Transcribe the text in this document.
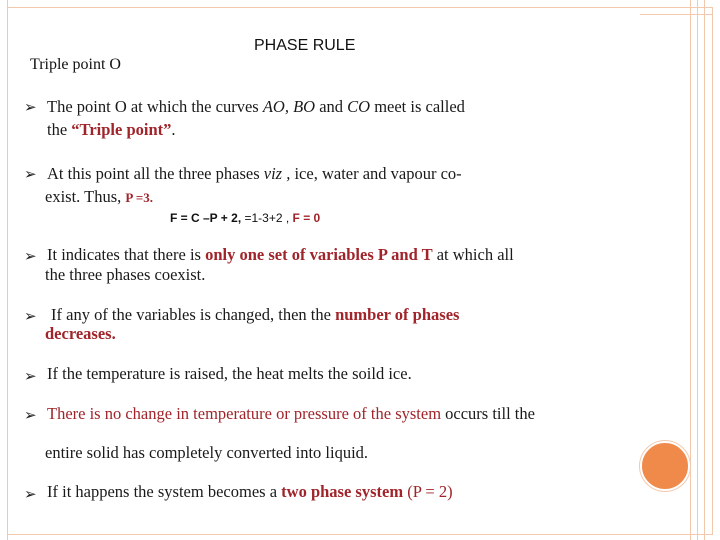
PHASE RULE
Triple point O
➢ The point O at which the curves AO, BO and CO meet is called
the “Triple point”.
➢ At this point all the three phases viz , ice, water and vapour co-
exist. Thus, P =3.
F = C –P + 2, =1-3+2 , F = 0
➢ It indicates that there is only one set of variables P and T at which all
the three phases coexist.
➢ If any of the variables is changed, then the number of phases
decreases.
➢ If the temperature is raised, the heat melts the soild ice.
➢ There is no change in temperature or pressure of the system occurs till the
entire solid has completely converted into liquid.
➢ If it happens the system becomes a two phase system (P = 2)
